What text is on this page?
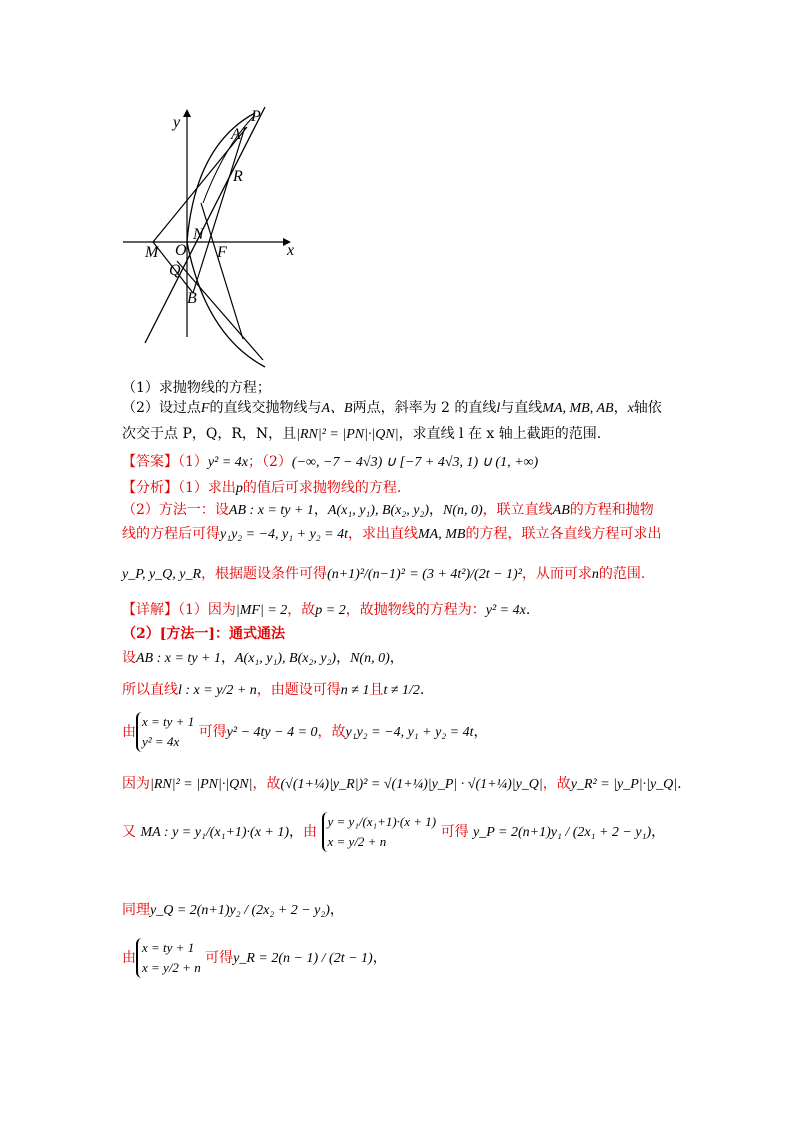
y
x
P
A
R
N
O
M	F
Q
B
（1）求抛物线的方程；
（2）设过点F的直线交抛物线与A、B两点，斜率为 2 的直线l与直线MA, MB, AB，x轴依
次交于点 P，Q，R，N，且|RN|² = |PN|·|QN|，求直线 l 在 x 轴上截距的范围.
【答案】（1）y² = 4x；（2）(−∞, −7 − 4√3) ∪ [−7 + 4√3, 1) ∪ (1, +∞)
【分析】（1）求出p的值后可求抛物线的方程.
（2）方法一：设AB : x = ty + 1，A(x₁, y₁), B(x₂, y₂)，N(n, 0)，联立直线AB的方程和抛物
线的方程后可得y₁y₂ = −4, y₁ + y₂ = 4t，求出直线MA, MB的方程，联立各直线方程可求出
y_P, y_Q, y_R，根据题设条件可得(n+1)²/(n−1)² = (3 + 4t²)/(2t − 1)²，从而可求n的范围.
【详解】（1）因为|MF| = 2，故p = 2，故抛物线的方程为：y² = 4x.
（2）[方法一]：通式通法
设AB : x = ty + 1，A(x₁, y₁), B(x₂, y₂)，N(n, 0)，
所以直线l : x = y/2 + n，由题设可得n ≠ 1且t ≠ 1/2.
由
x = ty + 1
y² = 4x
可得y² − 4ty − 4 = 0，故y₁y₂ = −4, y₁ + y₂ = 4t，
因为|RN|² = |PN|·|QN|，故(√(1+¼)|y_R|)² = √(1+¼)|y_P| · √(1+¼)|y_Q|，故y_R² = |y_P|·|y_Q|.
又 MA : y = y₁/(x₁+1)·(x + 1)，由
y = y₁/(x₁+1)·(x + 1)
x = y/2 + n
可得 y_P = 2(n+1)y₁ / (2x₁ + 2 − y₁)，
同理y_Q = 2(n+1)y₂ / (2x₂ + 2 − y₂)，
由
x = ty + 1
x = y/2 + n
可得y_R = 2(n − 1) / (2t − 1)，
